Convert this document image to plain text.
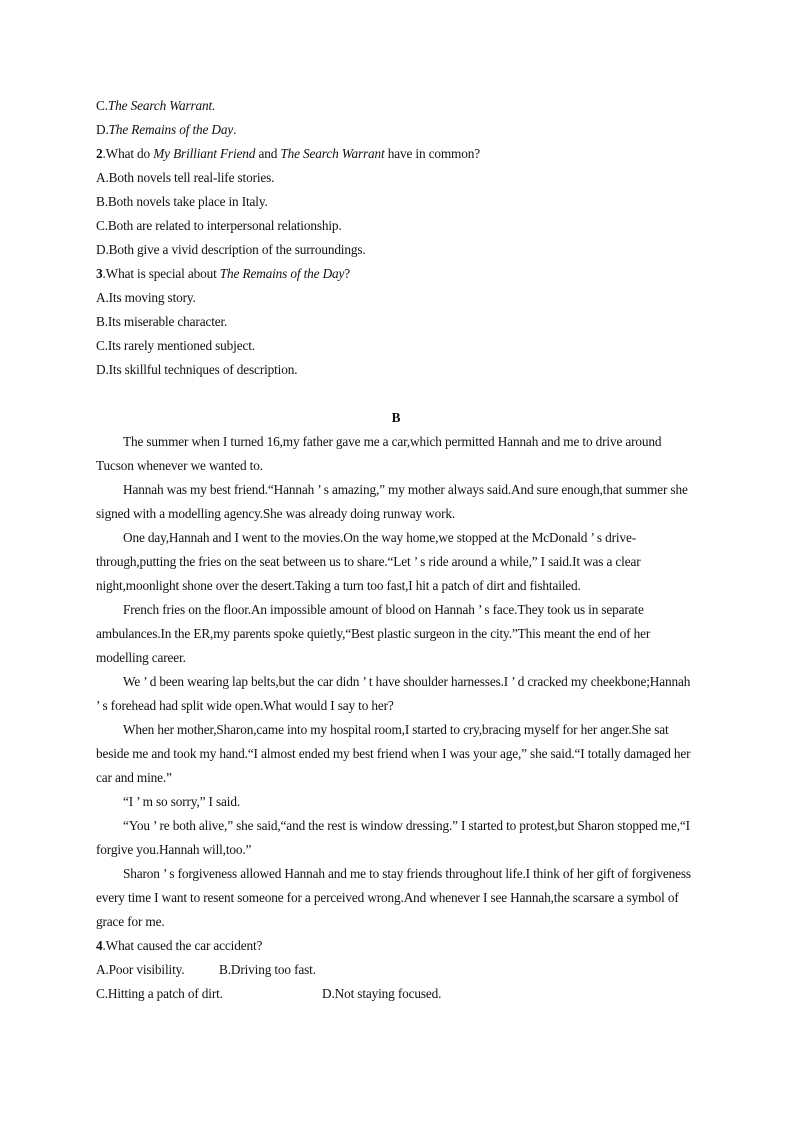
C.The Search Warrant.
D.The Remains of the Day.
2.What do My Brilliant Friend and The Search Warrant have in common?
A.Both novels tell real-life stories.
B.Both novels take place in Italy.
C.Both are related to interpersonal relationship.
D.Both give a vivid description of the surroundings.
3.What is special about The Remains of the Day?
A.Its moving story.
B.Its miserable character.
C.Its rarely mentioned subject.
D.Its skillful techniques of description.
B
The summer when I turned 16,my father gave me a car,which permitted Hannah and me to drive around Tucson whenever we wanted to.
Hannah was my best friend.“Hannah ’ s amazing,” my mother always said.And sure enough,that summer she signed with a modelling agency.She was already doing runway work.
One day,Hannah and I went to the movies.On the way home,we stopped at the McDonald ’ s drive-through,putting the fries on the seat between us to share.“Let ’ s ride around a while,” I said.It was a clear night,moonlight shone over the desert.Taking a turn too fast,I hit a patch of dirt and fishtailed.
French fries on the floor.An impossible amount of blood on Hannah ’ s face.They took us in separate ambulances.In the ER,my parents spoke quietly,“Best plastic surgeon in the city.”This meant the end of her modelling career.
We ’ d been wearing lap belts,but the car didn ’ t have shoulder harnesses.I ’ d cracked my cheekbone;Hannah ’ s forehead had split wide open.What would I say to her?
When her mother,Sharon,came into my hospital room,I started to cry,bracing myself for her anger.She sat beside me and took my hand.“I almost ended my best friend when I was your age,” she said.“I totally damaged her car and mine.”
“I ’ m so sorry,” I said.
“You ’ re both alive,” she said,“and the rest is window dressing.” I started to protest,but Sharon stopped me,“I forgive you.Hannah will,too.”
Sharon ’ s forgiveness allowed Hannah and me to stay friends throughout life.I think of her gift of forgiveness every time I want to resent someone for a perceived wrong.And whenever I see Hannah,the scarsare a symbol of grace for me.
4.What caused the car accident?
A.Poor visibility.	B.Driving too fast.
C.Hitting a patch of dirt.	D.Not staying focused.
